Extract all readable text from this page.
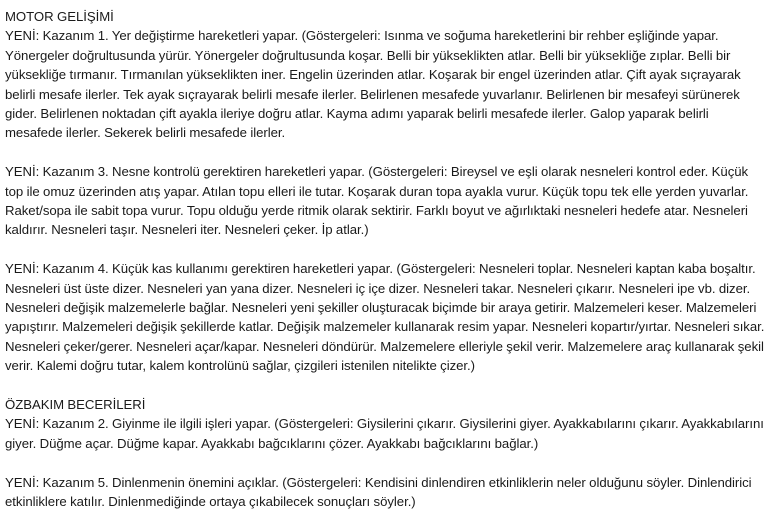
MOTOR GELİŞİMİ

YENİ: Kazanım 1. Yer değiştirme hareketleri yapar. (Göstergeleri: Isınma ve soğuma hareketlerini bir rehber eşliğinde yapar. Yönergeler doğrultusunda yürür. Yönergeler doğrultusunda koşar. Belli bir yükseklikten atlar. Belli bir yüksekliğe zıplar. Belli bir yüksekliğe tırmanır. Tırmanılan yükseklikten iner. Engelin üzerinden atlar. Koşarak bir engel üzerinden atlar. Çift ayak sıçrayarak belirli mesafe ilerler. Tek ayak sıçrayarak belirli mesafe ilerler. Belirlenen mesafede yuvarlanır. Belirlenen bir mesafeyi sürünerek gider. Belirlenen noktadan çift ayakla ileriye doğru atlar. Kayma adımı yaparak belirli mesafede ilerler. Galop yaparak belirli mesafede ilerler. Sekerek belirli mesafede ilerler.

YENİ: Kazanım 3. Nesne kontrolü gerektiren hareketleri yapar. (Göstergeleri: Bireysel ve eşli olarak nesneleri kontrol eder. Küçük top ile omuz üzerinden atış yapar. Atılan topu elleri ile tutar. Koşarak duran topa ayakla vurur. Küçük topu tek elle yerden yuvarlar. Raket/sopa ile sabit topa vurur. Topu olduğu yerde ritmik olarak sektirir. Farklı boyut ve ağırlıktaki nesneleri hedefe atar. Nesneleri kaldırır. Nesneleri taşır. Nesneleri iter. Nesneleri çeker. İp atlar.)

YENİ: Kazanım 4. Küçük kas kullanımı gerektiren hareketleri yapar. (Göstergeleri: Nesneleri toplar. Nesneleri kaptan kaba boşaltır. Nesneleri üst üste dizer. Nesneleri yan yana dizer. Nesneleri iç içe dizer. Nesneleri takar. Nesneleri çıkarır. Nesneleri ipe vb. dizer. Nesneleri değişik malzemelerle bağlar. Nesneleri yeni şekiller oluşturacak biçimde bir araya getirir. Malzemeleri keser. Malzemeleri yapıştırır. Malzemeleri değişik şekillerde katlar. Değişik malzemeler kullanarak resim yapar. Nesneleri kopartır/yırtar. Nesneleri sıkar. Nesneleri çeker/gerer. Nesneleri açar/kapar. Nesneleri döndürür. Malzemelere elleriyle şekil verir. Malzemelere araç kullanarak şekil verir. Kalemi doğru tutar, kalem kontrolünü sağlar, çizgileri istenilen nitelikte çizer.)

ÖZBAKIM BECERİLERİ

YENİ: Kazanım 2. Giyinme ile ilgili işleri yapar. (Göstergeleri: Giysilerini çıkarır. Giysilerini giyer. Ayakkabılarını çıkarır. Ayakkabılarını giyer. Düğme açar. Düğme kapar. Ayakkabı bağcıklarını çözer. Ayakkabı bağcıklarını bağlar.)

YENİ: Kazanım 5. Dinlenmenin önemini açıklar. (Göstergeleri: Kendisini dinlendiren etkinliklerin neler olduğunu söyler. Dinlendirici etkinliklere katılır. Dinlenmediğinde ortaya çıkabilecek sonuçları söyler.)
